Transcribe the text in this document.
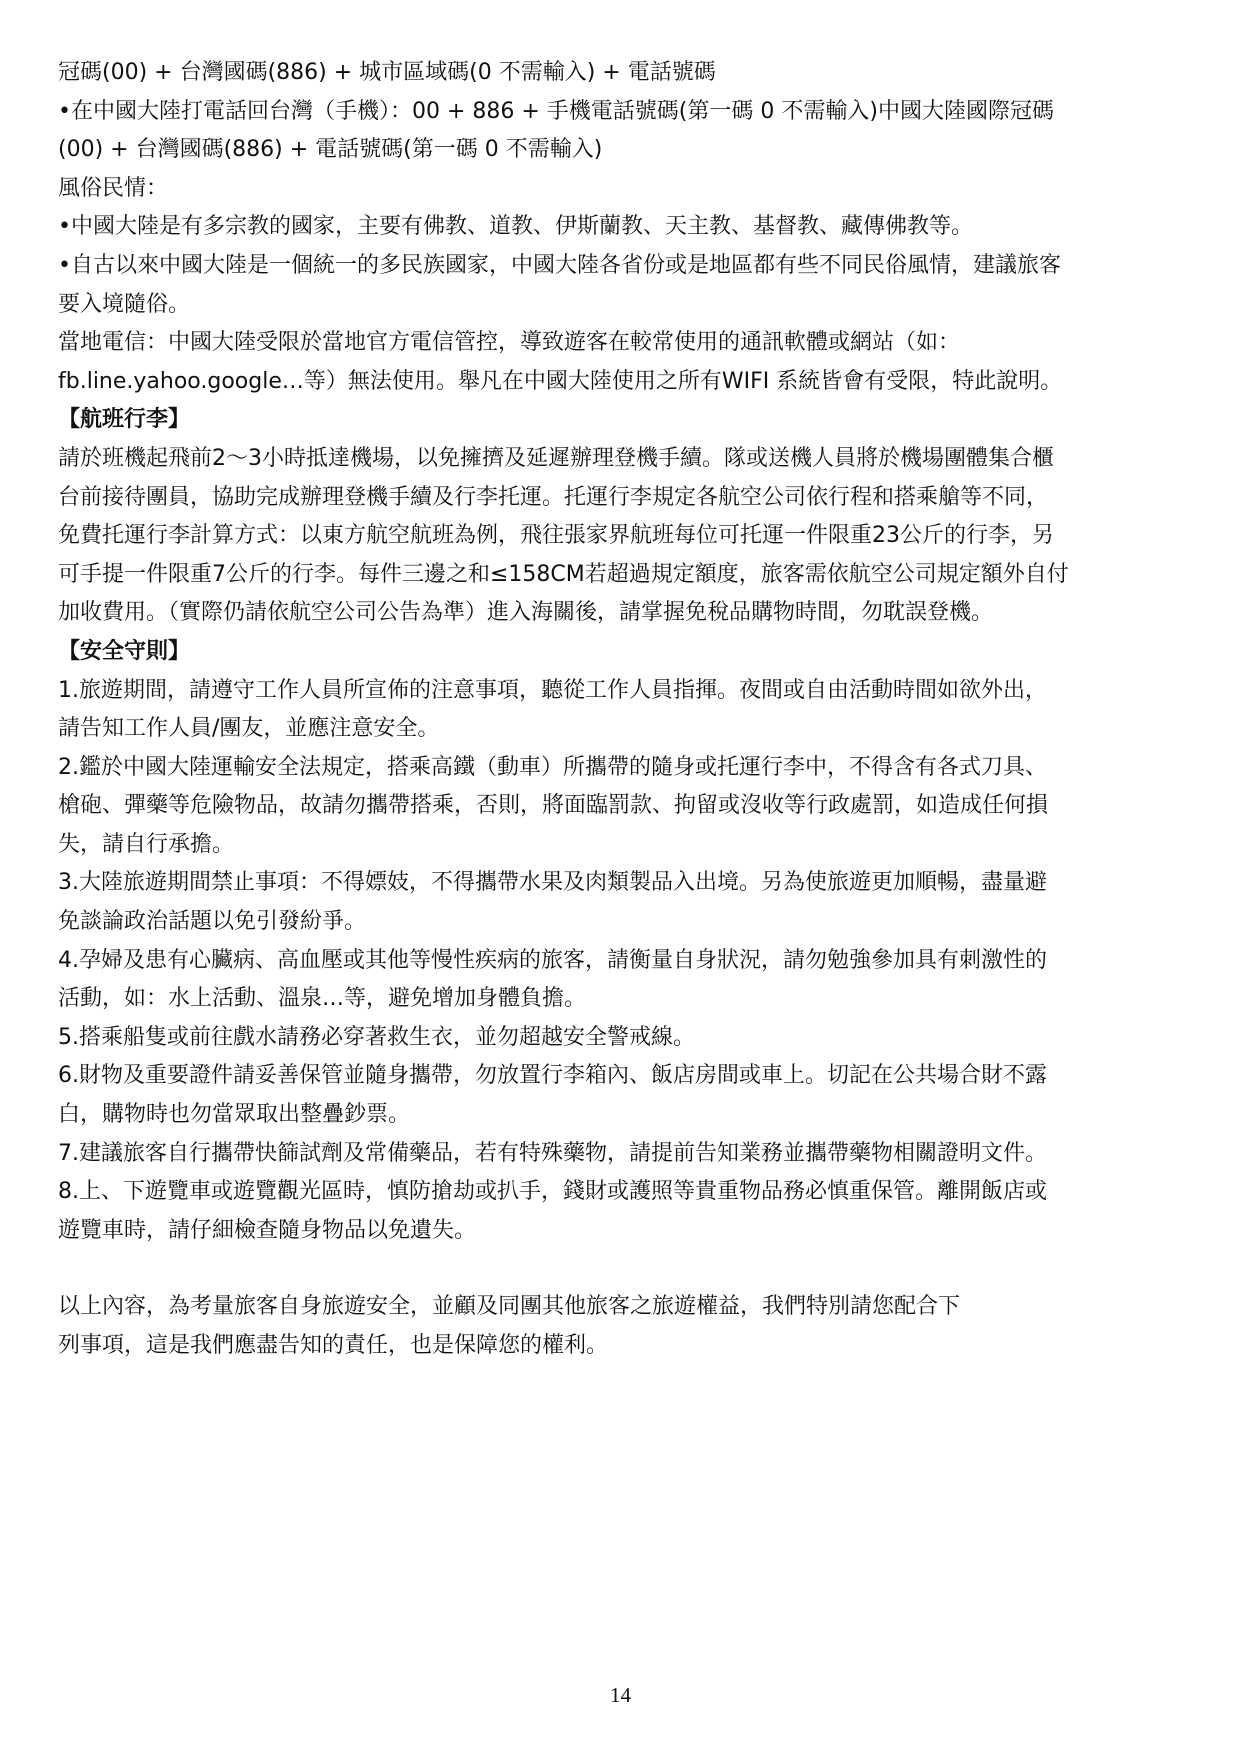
冠碼(00) + 台灣國碼(886) + 城市區域碼(0 不需輸入) + 電話號碼

•在中國大陸打電話回台灣（手機）：00 + 886 + 手機電話號碼(第一碼 0 不需輸入)中國大陸國際冠碼

(00) + 台灣國碼(886) + 電話號碼(第一碼 0 不需輸入)

風俗民情：

•中國大陸是有多宗教的國家，主要有佛教、道教、伊斯蘭教、天主教、基督教、藏傳佛教等。

•自古以來中國大陸是一個統一的多民族國家，中國大陸各省份或是地區都有些不同民俗風情，建議旅客

要入境隨俗。

當地電信：中國大陸受限於當地官方電信管控，導致遊客在較常使用的通訊軟體或網站（如：

fb.line.yahoo.google…等）無法使用。舉凡在中國大陸使用之所有WIFI 系統皆會有受限，特此說明。

【航班行李】

請於班機起飛前2～3小時抵達機場，以免擁擠及延遲辦理登機手續。隊或送機人員將於機場團體集合櫃

台前接待團員，協助完成辦理登機手續及行李托運。托運行李規定各航空公司依行程和搭乘艙等不同，

免費托運行李計算方式：以東方航空航班為例，飛往張家界航班每位可托運一件限重23公斤的行李，另

可手提一件限重7公斤的行李。每件三邊之和≤158CM若超過規定額度，旅客需依航空公司規定額外自付

加收費用。（實際仍請依航空公司公告為準）進入海關後，請掌握免稅品購物時間，勿耽誤登機。

【安全守則】

1.旅遊期間，請遵守工作人員所宣佈的注意事項，聽從工作人員指揮。夜間或自由活動時間如欲外出，

請告知工作人員/團友，並應注意安全。

2.鑑於中國大陸運輸安全法規定，搭乘高鐵（動車）所攜帶的隨身或托運行李中，不得含有各式刀具、

槍砲、彈藥等危險物品，故請勿攜帶搭乘，否則，將面臨罰款、拘留或沒收等行政處罰，如造成任何損

失，請自行承擔。

3.大陸旅遊期間禁止事項：不得嫖妓，不得攜帶水果及肉類製品入出境。另為使旅遊更加順暢，盡量避

免談論政治話題以免引發紛爭。

4.孕婦及患有心臟病、高血壓或其他等慢性疾病的旅客，請衡量自身狀況，請勿勉強參加具有刺激性的

活動，如：水上活動、溫泉…等，避免增加身體負擔。

5.搭乘船隻或前往戲水請務必穿著救生衣，並勿超越安全警戒線。

6.財物及重要證件請妥善保管並隨身攜帶，勿放置行李箱內、飯店房間或車上。切記在公共場合財不露

白，購物時也勿當眾取出整疊鈔票。

7.建議旅客自行攜帶快篩試劑及常備藥品，若有特殊藥物，請提前告知業務並攜帶藥物相關證明文件。

8.上、下遊覽車或遊覽觀光區時，慎防搶劫或扒手，錢財或護照等貴重物品務必慎重保管。離開飯店或

遊覽車時，請仔細檢查隨身物品以免遺失。

以上內容，為考量旅客自身旅遊安全，並顧及同團其他旅客之旅遊權益，我們特別請您配合下

列事項，這是我們應盡告知的責任，也是保障您的權利。

14
